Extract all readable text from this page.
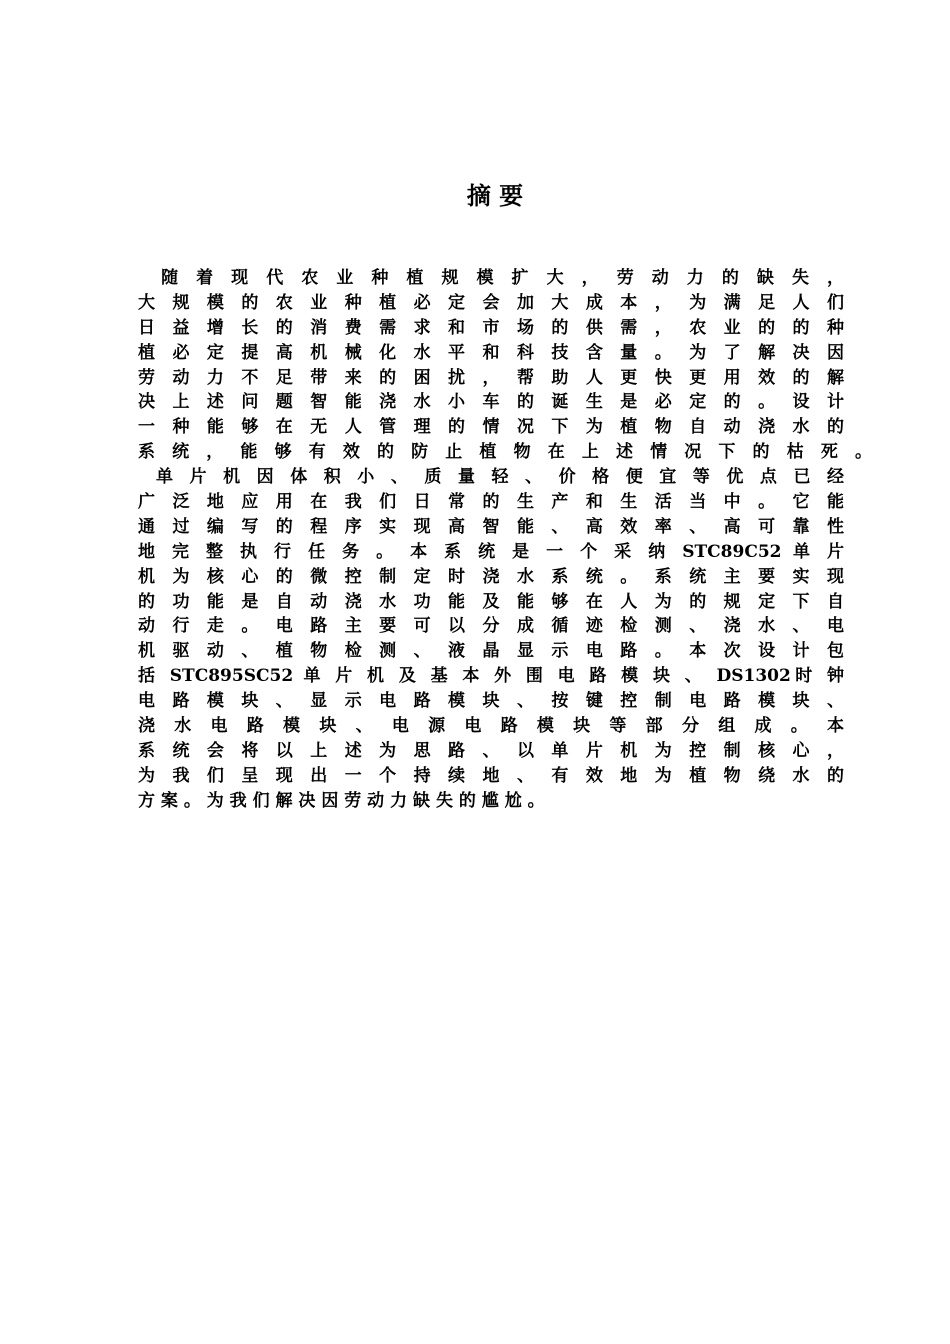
摘 要
　随 着 现 代 农 业 种 植 规 模 扩 大 ， 劳 动 力 的 缺 失 ，
大 规 模 的 农 业 种 植 必 定 会 加 大 成 本 ， 为 满 足 人 们
日 益 增 长 的 消 费 需 求 和 市 场 的 供 需 ， 农 业 的 的 种
植 必 定 提 高 机 械 化 水 平 和 科 技 含 量 。 为 了 解 决 因
劳 动 力 不 足 带 来 的 困 扰 ， 帮 助 人 更 快 更 用 效 的 解
决 上 述 问 题 智 能 浇 水 小 车 的 诞 生 是 必 定 的 。 设 计
一 种 能 够 在 无 人 管 理 的 情 况 下 为 植 物 自 动 浇 水 的
系 统 ， 能 够 有 效 的 防 止 植 物 在 上 述 情 况 下 的 枯 死 。
单 片 机 因 体 积 小 、 质 量 轻 、 价 格 便 宜 等 优 点 已 经
广 泛 地 应 用 在 我 们 日 常 的 生 产 和 生 活 当 中 。 它 能
通 过 编 写 的 程 序 实 现 高 智 能 、 高 效 率 、 高 可 靠 性
地 完 整 执 行 任 务 。 本 系 统 是 一 个 采 纳 STC89C52 单 片
机 为 核 心 的 微 控 制 定 时 浇 水 系 统 。 系 统 主 要 实 现
的 功 能 是 自 动 浇 水 功 能 及 能 够 在 人 为 的 规 定 下 自
动 行 走 。 电 路 主 要 可 以 分 成 循 迹 检 测 、 浇 水 、 电
机 驱 动 、 植 物 检 测 、 液 晶 显 示 电 路 。 本 次 设 计 包
括 STC895SC52 单 片 机 及 基 本 外 围 电 路 模 块 、 DS1302时 钟
电 路 模 块 、 显 示 电 路 模 块 、 按 键 控 制 电 路 模 块 、
浇 水 电 路 模 块 、 电 源 电 路 模 块 等 部 分 组 成 。 本
系 统 会 将 以 上 述 为 思 路 、 以 单 片 机 为 控 制 核 心 ，
为 我 们 呈 现 出 一 个 持 续 地 、 有 效 地 为 植 物 绕 水 的
方 案 。 为 我 们 解 决 因 劳 动 力 缺 失 的 尴 尬 。
